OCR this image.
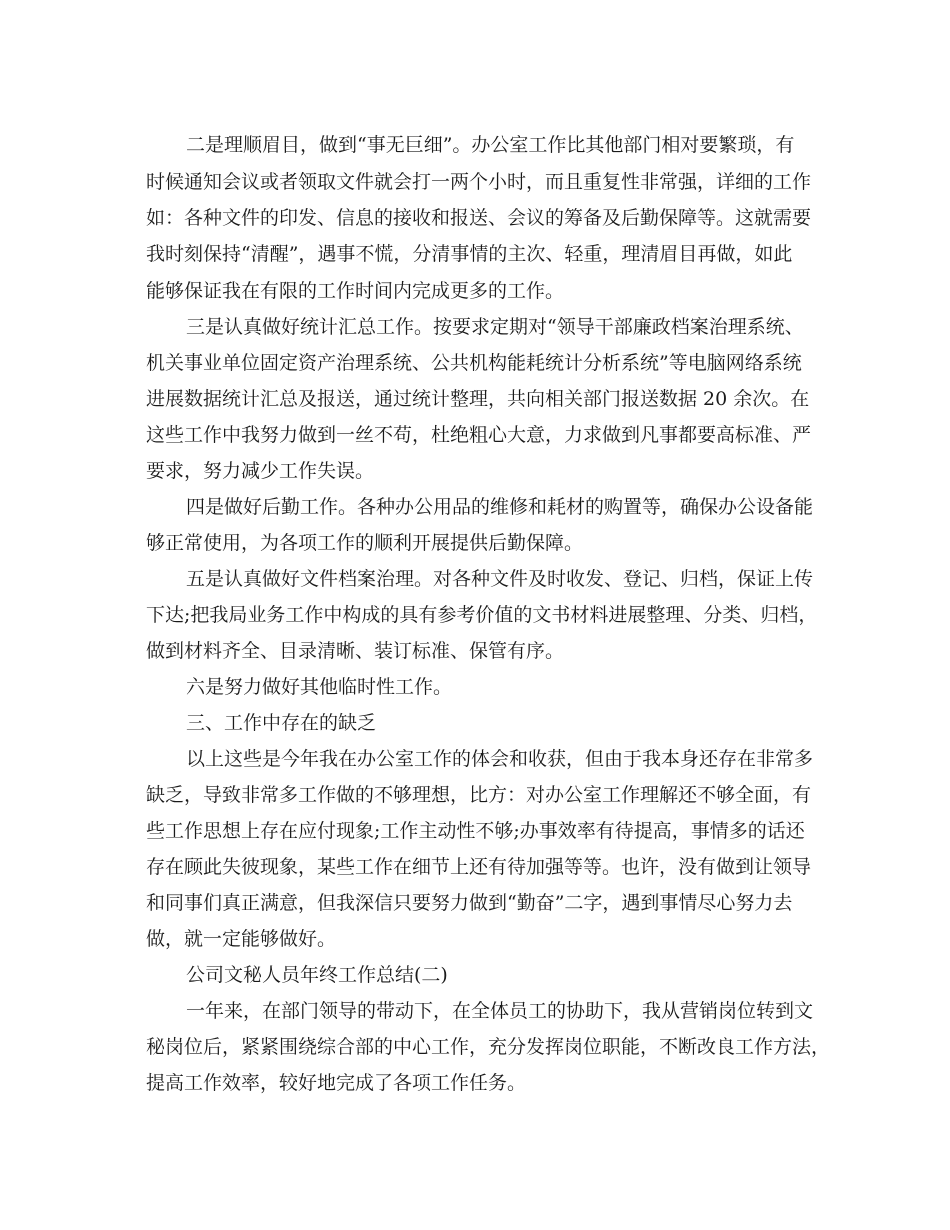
二是理顺眉目，做到“事无巨细”。办公室工作比其他部门相对要繁琐，有

时候通知会议或者领取文件就会打一两个小时，而且重复性非常强，详细的工作

如：各种文件的印发、信息的接收和报送、会议的筹备及后勤保障等。这就需要

我时刻保持“清醒”，遇事不慌，分清事情的主次、轻重，理清眉目再做，如此

能够保证我在有限的工作时间内完成更多的工作。

三是认真做好统计汇总工作。按要求定期对“领导干部廉政档案治理系统、

机关事业单位固定资产治理系统、公共机构能耗统计分析系统”等电脑网络系统

进展数据统计汇总及报送，通过统计整理，共向相关部门报送数据 20 余次。在

这些工作中我努力做到一丝不苟，杜绝粗心大意，力求做到凡事都要高标准、严

要求，努力减少工作失误。

四是做好后勤工作。各种办公用品的维修和耗材的购置等，确保办公设备能

够正常使用，为各项工作的顺利开展提供后勤保障。

五是认真做好文件档案治理。对各种文件及时收发、登记、归档，保证上传

下达;把我局业务工作中构成的具有参考价值的文书材料进展整理、分类、归档，

做到材料齐全、目录清晰、装订标准、保管有序。

六是努力做好其他临时性工作。

三、工作中存在的缺乏

以上这些是今年我在办公室工作的体会和收获，但由于我本身还存在非常多

缺乏，导致非常多工作做的不够理想，比方：对办公室工作理解还不够全面，有

些工作思想上存在应付现象;工作主动性不够;办事效率有待提高，事情多的话还

存在顾此失彼现象，某些工作在细节上还有待加强等等。也许，没有做到让领导

和同事们真正满意，但我深信只要努力做到“勤奋”二字，遇到事情尽心努力去

做，就一定能够做好。

公司文秘人员年终工作总结(二)

一年来，在部门领导的带动下，在全体员工的协助下，我从营销岗位转到文

秘岗位后，紧紧围绕综合部的中心工作，充分发挥岗位职能，不断改良工作方法，

提高工作效率，较好地完成了各项工作任务。
